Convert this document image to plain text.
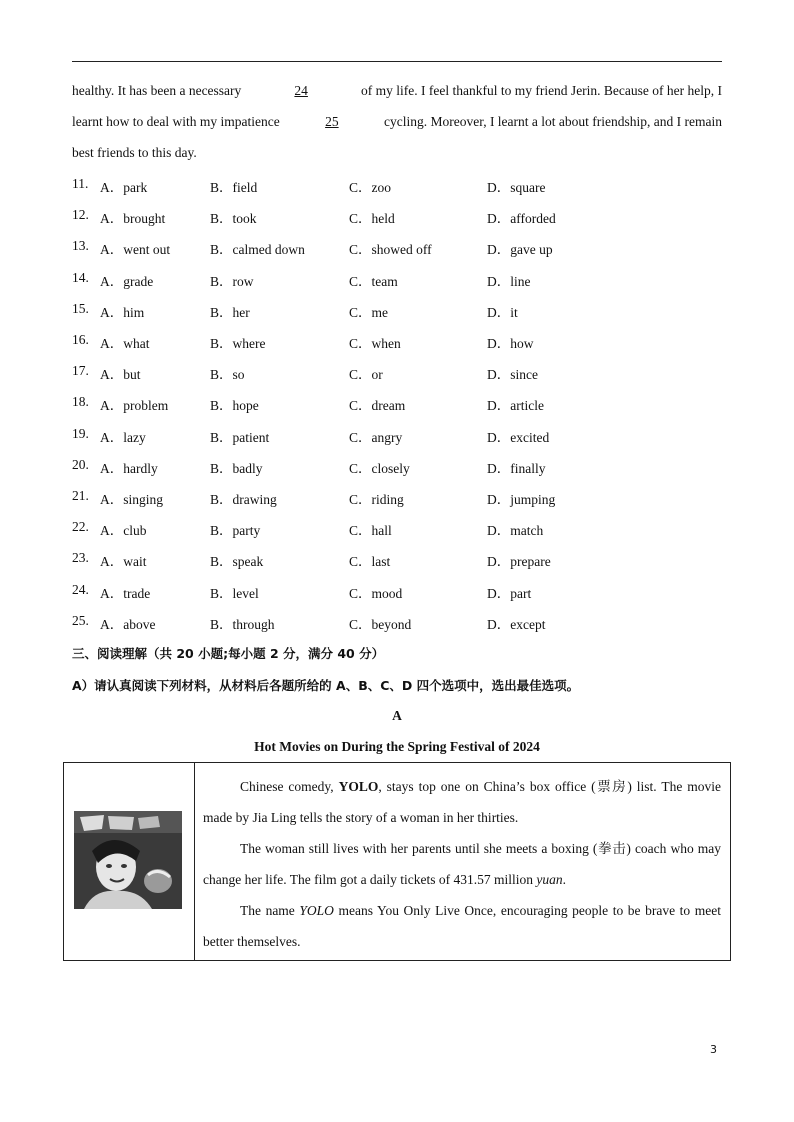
healthy. It has been a necessary	24	of my life. I feel thankful to my friend Jerin. Because of her help, I
learnt how to deal with my impatience	25	cycling. Moreover, I learnt a lot about friendship, and I remain
best friends to this day.
11. A．park	B．field	C．zoo	D．square
12. A．brought	B．took	C．held	D．afforded
13. A．went out	B．calmed down	C．showed off	D．gave up
14. A．grade	B．row	C．team	D．line
15. A．him	B．her	C．me	D．it
16. A．what	B．where	C．when	D．how
17. A．but	B．so	C．or	D．since
18. A．problem	B．hope	C．dream	D．article
19. A．lazy	B．patient	C．angry	D．excited
20. A．hardly	B．badly	C．closely	D．finally
21. A．singing	B．drawing	C．riding	D．jumping
22. A．club	B．party	C．hall	D．match
23. A．wait	B．speak	C．last	D．prepare
24. A．trade	B．level	C．mood	D．part
25. A．above	B．through	C．beyond	D．except
三、阅读理解（共 20 小题;每小题 2 分，满分 40 分）
A）请认真阅读下列材料，从材料后各题所给的 A、B、C、D 四个选项中，选出最佳选项。
A
Hot Movies on During the Spring Festival of 2024

Chinese comedy, YOLO, stays top one on China’s box office (票房) list. The movie made by Jia Ling tells the story of a woman in her thirties.
The woman still lives with her parents until she meets a boxing (拳击) coach who may change her life. The film got a daily tickets of 431.57 million yuan.
The name YOLO means You Only Live Once, encouraging people to be brave to meet better themselves.
3
